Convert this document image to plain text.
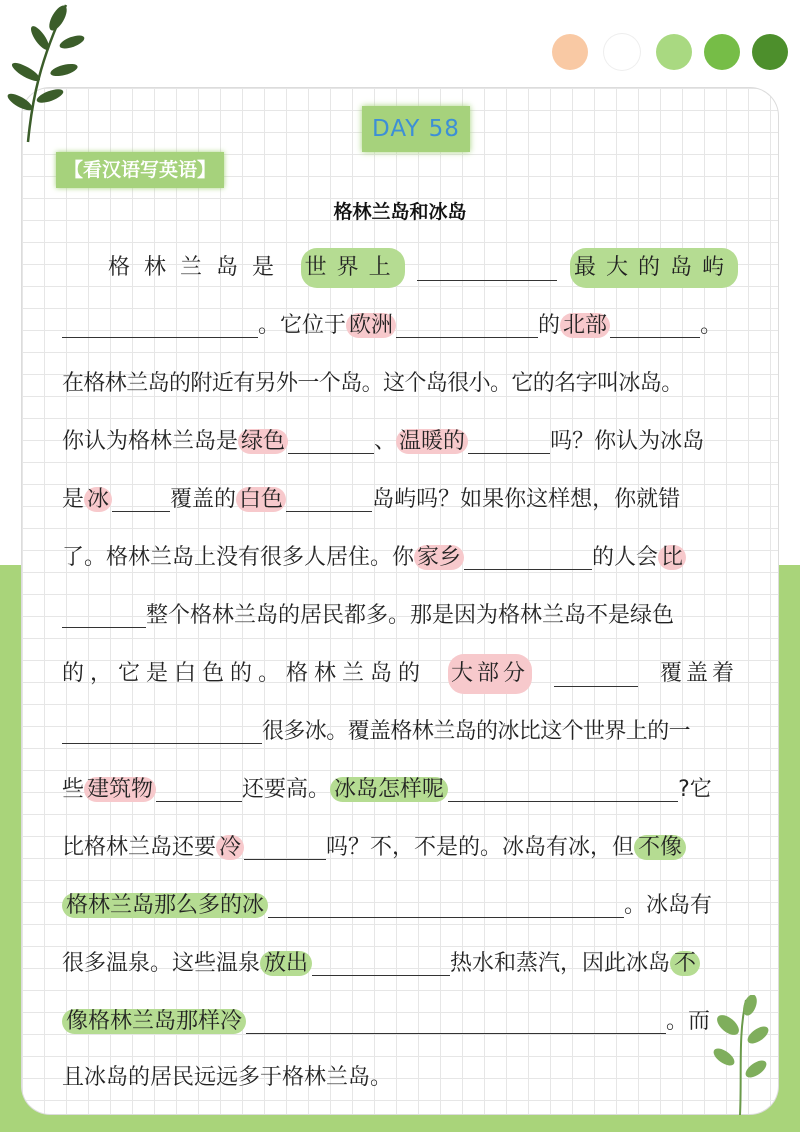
DAY 58
【看汉语写英语】
格林兰岛和冰岛
格林兰岛是 世界上	最大的岛屿
。它位于 欧洲	的 北部	。
在格林兰岛的附近有另外一个岛。这个岛很小。它的名字叫冰岛。
你认为格林兰岛是 绿色	、 温暖的	吗？你认为冰岛
是 冰	覆盖的 白色	岛屿吗？如果你这样想，你就错
了。格林兰岛上没有很多人居住。你 家乡	的人会 比
整个格林兰岛的居民都多。那是因为格林兰岛不是绿色
的，它是白色的。格林兰岛的 大部分	覆盖着
很多冰。覆盖格林兰岛的冰比这个世界上的一
些 建筑物	还要高。 冰岛怎样呢	?它
比格林兰岛还要 冷	吗？不，不是的。冰岛有冰，但 不像
格林兰岛那么多的冰	。冰岛有
很多温泉。这些温泉 放出	热水和蒸汽，因此冰岛 不
像格林兰岛那样冷	。而
且冰岛的居民远远多于格林兰岛。
